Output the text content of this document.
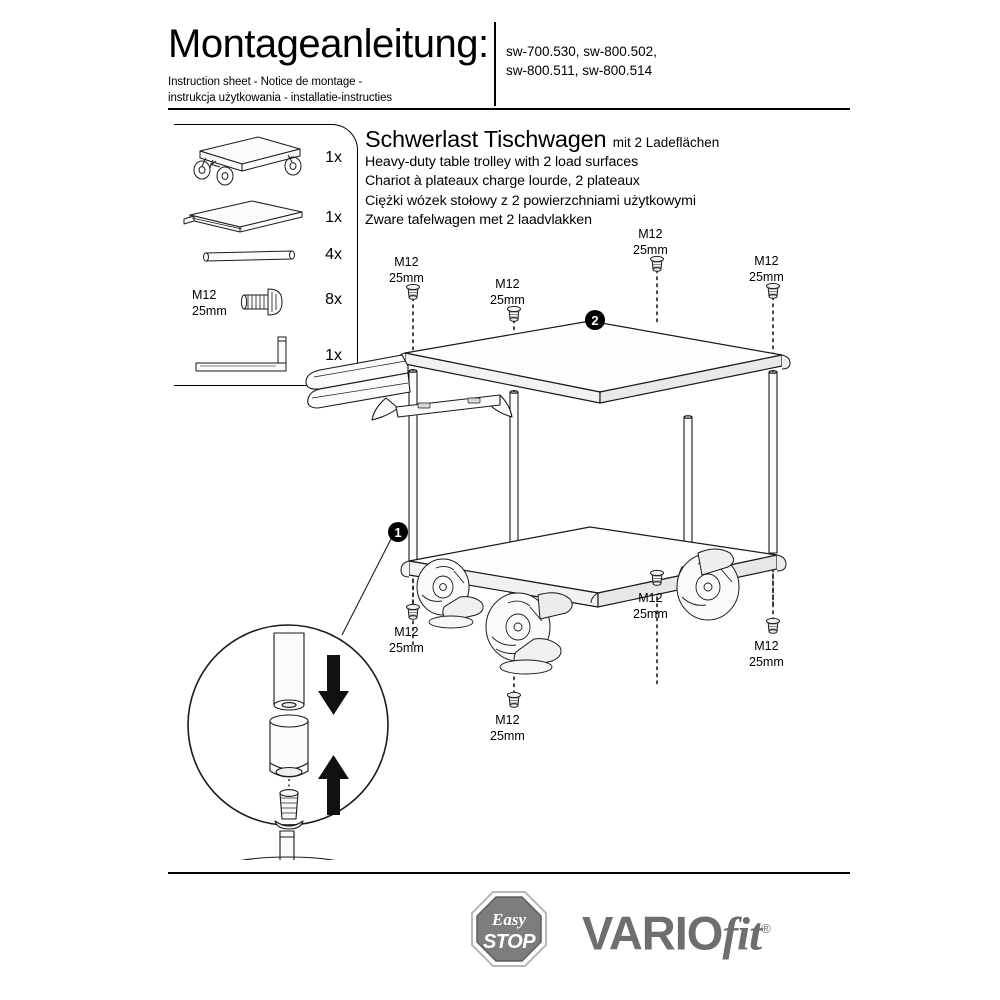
Montageanleitung: sw-700.530, sw-800.502,
sw-800.511, sw-800.514
Instruction sheet - Notice de montage -
instrukcja użytkowania - installatie-instructies
1x
1x
4x
M12
25mm
8x
1x
Schwerlast Tischwagen mit 2 Ladeflächen
Heavy-duty table trolley with 2 load surfaces
Chariot à plateaux charge lourde, 2 plateaux
Ciężki wózek stołowy z 2 powierzchniami użytkowymi
Zware tafelwagen met 2 laadvlakken
1
2
M12
25mm	M12
25mm
M12
25mm
M12
25mm
M12
25mm
M12
25mm
M12
25mm
M12
25mm
Easy
STOP VARIOfit®
